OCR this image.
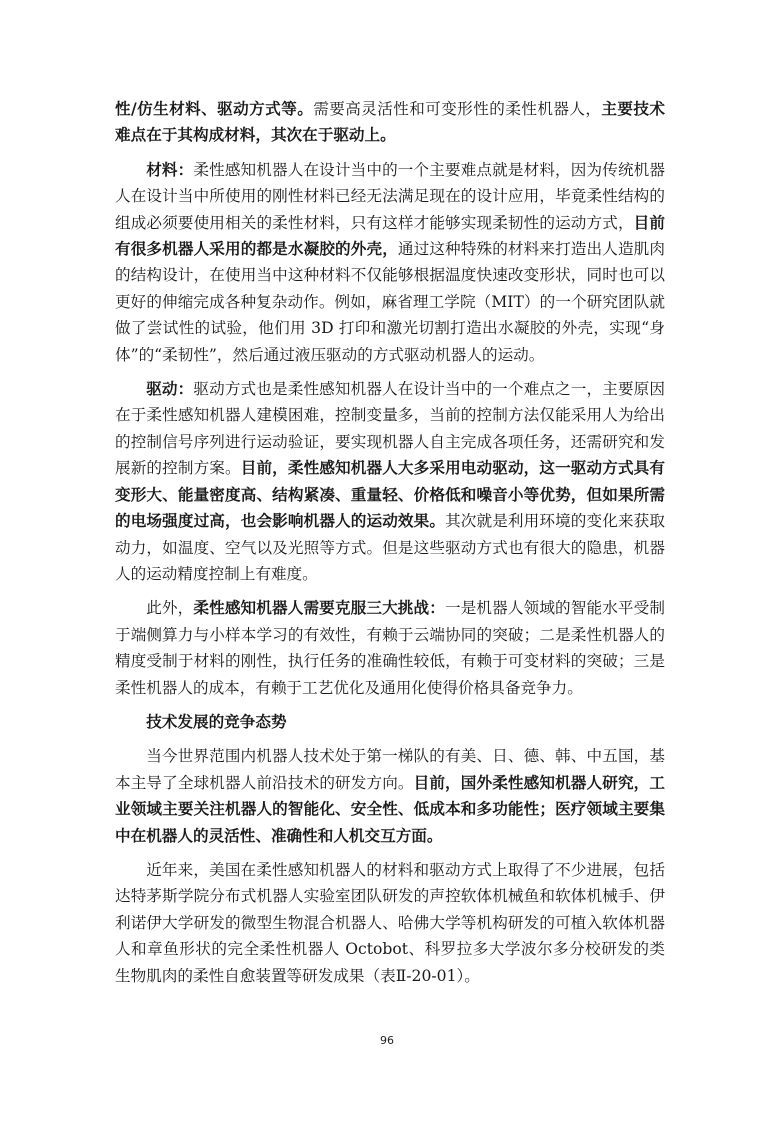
性/仿生材料、驱动方式等。需要高灵活性和可变形性的柔性机器人，主要技术难点在于其构成材料，其次在于驱动上。

材料：柔性感知机器人在设计当中的一个主要难点就是材料，因为传统机器人在设计当中所使用的刚性材料已经无法满足现在的设计应用，毕竟柔性结构的组成必须要使用相关的柔性材料，只有这样才能够实现柔韧性的运动方式，目前有很多机器人采用的都是水凝胶的外壳，通过这种特殊的材料来打造出人造肌肉的结构设计，在使用当中这种材料不仅能够根据温度快速改变形状，同时也可以更好的伸缩完成各种复杂动作。例如，麻省理工学院（MIT）的一个研究团队就做了尝试性的试验，他们用 3D 打印和激光切割打造出水凝胶的外壳，实现“身体”的“柔韧性”，然后通过液压驱动的方式驱动机器人的运动。

驱动：驱动方式也是柔性感知机器人在设计当中的一个难点之一，主要原因在于柔性感知机器人建模困难，控制变量多，当前的控制方法仅能采用人为给出的控制信号序列进行运动验证，要实现机器人自主完成各项任务，还需研究和发展新的控制方案。目前，柔性感知机器人大多采用电动驱动，这一驱动方式具有变形大、能量密度高、结构紧凑、重量轻、价格低和噪音小等优势，但如果所需的电场强度过高，也会影响机器人的运动效果。其次就是利用环境的变化来获取动力，如温度、空气以及光照等方式。但是这些驱动方式也有很大的隐患，机器人的运动精度控制上有难度。

此外，柔性感知机器人需要克服三大挑战：一是机器人领域的智能水平受制于端侧算力与小样本学习的有效性，有赖于云端协同的突破；二是柔性机器人的精度受制于材料的刚性，执行任务的准确性较低，有赖于可变材料的突破；三是柔性机器人的成本，有赖于工艺优化及通用化使得价格具备竞争力。

技术发展的竞争态势

当今世界范围内机器人技术处于第一梯队的有美、日、德、韩、中五国，基本主导了全球机器人前沿技术的研发方向。目前，国外柔性感知机器人研究，工业领域主要关注机器人的智能化、安全性、低成本和多功能性；医疗领域主要集中在机器人的灵活性、准确性和人机交互方面。

近年来，美国在柔性感知机器人的材料和驱动方式上取得了不少进展，包括达特茅斯学院分布式机器人实验室团队研发的声控软体机械鱼和软体机械手、伊利诺伊大学研发的微型生物混合机器人、哈佛大学等机构研发的可植入软体机器人和章鱼形状的完全柔性机器人 Octobot、科罗拉多大学波尔多分校研发的类生物肌肉的柔性自愈装置等研发成果（表Ⅱ-20-01）。

96
